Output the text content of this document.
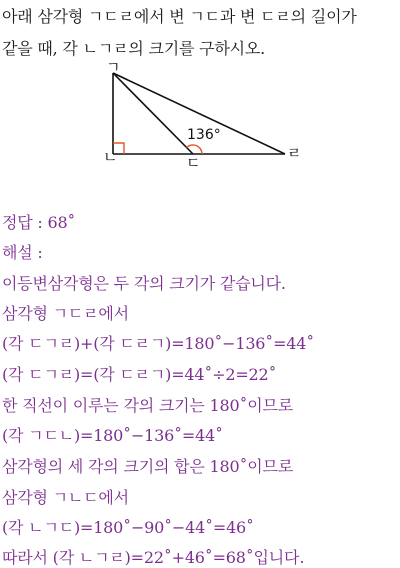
아래 삼각형 ㄱㄷㄹ에서 변 ㄱㄷ과 변 ㄷㄹ의 길이가
같을 때, 각 ㄴㄱㄹ의 크기를 구하시오.
ㄱ
ㄴ	ㄷ
ㄹ
136°
정답 : 68˚
해설 :
이등변삼각형은 두 각의 크기가 같습니다.
삼각형 ㄱㄷㄹ에서
(각 ㄷㄱㄹ)+(각 ㄷㄹㄱ)=180˚−136˚=44˚
(각 ㄷㄱㄹ)=(각 ㄷㄹㄱ)=44˚÷2=22˚
한 직선이 이루는 각의 크기는 180˚이므로
(각 ㄱㄷㄴ)=180˚−136˚=44˚
삼각형의 세 각의 크기의 합은 180˚이므로
삼각형 ㄱㄴㄷ에서
(각 ㄴㄱㄷ)=180˚−90˚−44˚=46˚
따라서 (각 ㄴㄱㄹ)=22˚+46˚=68˚입니다.
